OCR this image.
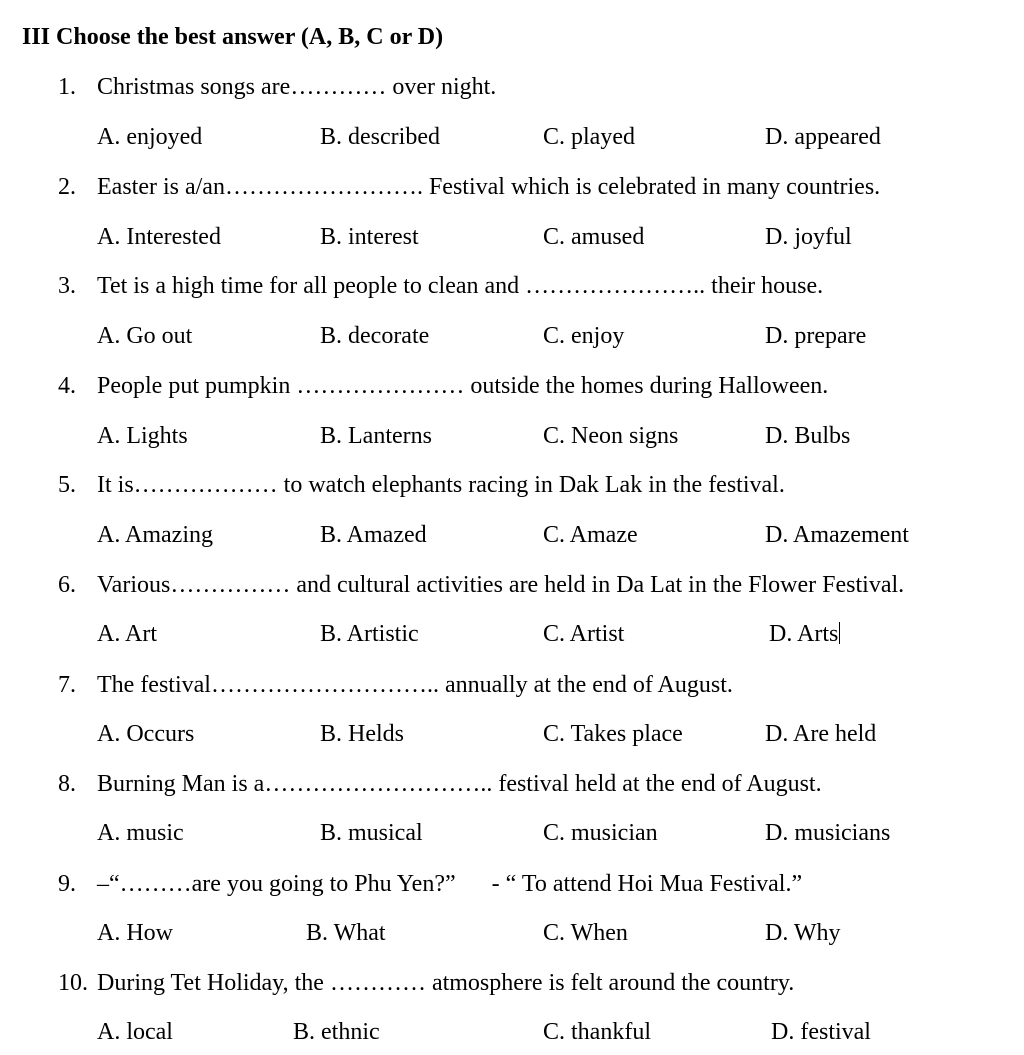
III Choose the best answer (A, B, C or D)
1. Christmas songs are………… over night.
A. enjoyed	B. described	C. played	D. appeared
2. Easter is a/an……………………. Festival which is celebrated in many countries.
A. Interested	B. interest	C. amused	D. joyful
3. Tet is a high time for all people to clean and ………………….. their house.
A. Go out	B. decorate	C. enjoy	D. prepare
4. People put pumpkin ………………… outside the homes during Halloween.
A. Lights	B. Lanterns	C. Neon signs	D. Bulbs
5. It is……………… to watch elephants racing in Dak Lak in the festival.
A. Amazing	B. Amazed	C. Amaze	D. Amazement
6. Various…………… and cultural activities are held in Da Lat in the Flower Festival.
A. Art	B. Artistic	C. Artist	D. Arts
7. The festival……………………….. annually at the end of August.
A. Occurs	B. Helds	C. Takes place	D. Are held
8. Burning Man is a……………………….. festival held at the end of August.
A. music	B. musical	C. musician	D. musicians
9. –“………are you going to Phu Yen?”      - “ To attend Hoi Mua Festival.”
A. How	B. What	C. When	D. Why
10. During Tet Holiday, the ………… atmosphere is felt around the country.
A. local	B. ethnic	C. thankful	D. festival
